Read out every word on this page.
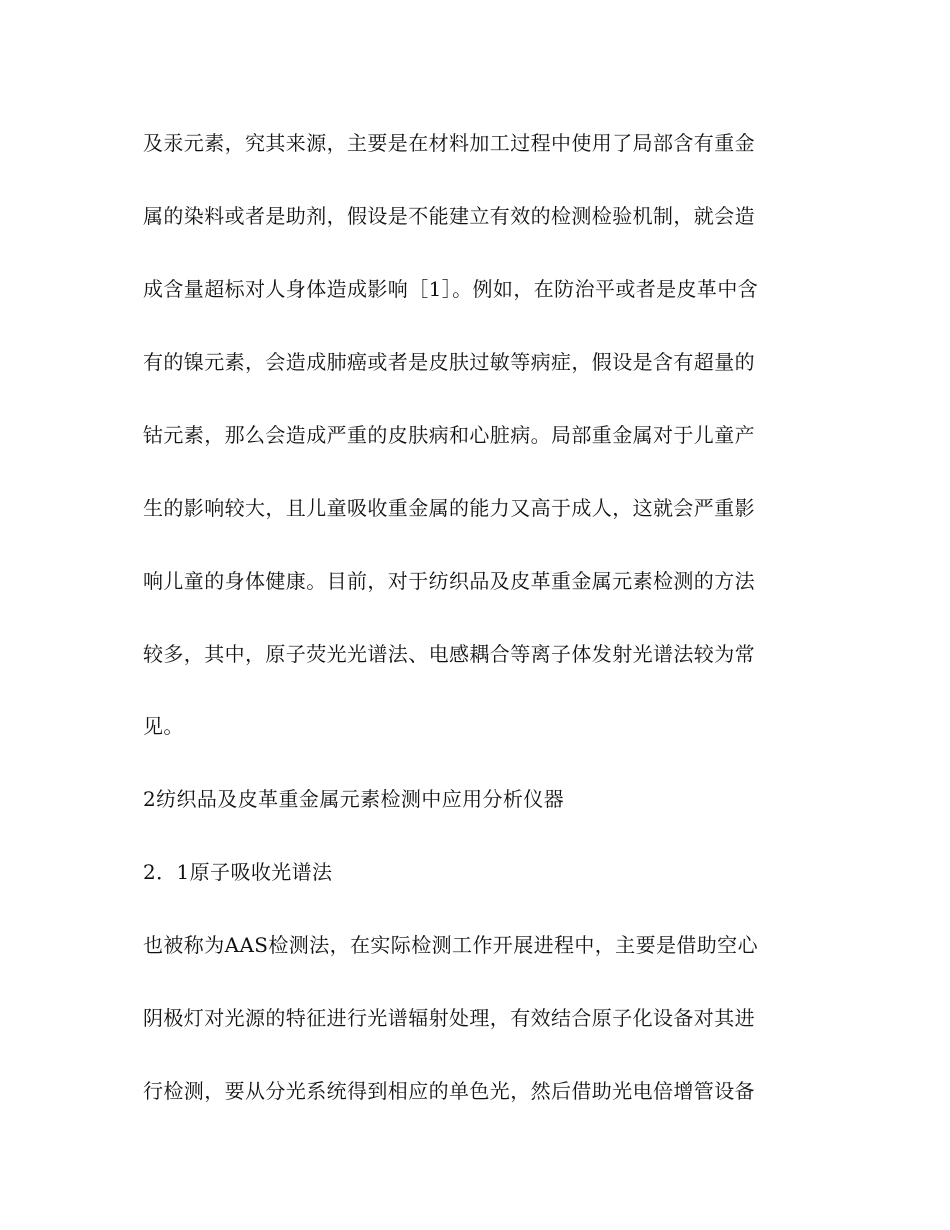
及汞元素，究其来源，主要是在材料加工过程中使用了局部含有重金
属的染料或者是助剂，假设是不能建立有效的检测检验机制，就会造
成含量超标对人身体造成影响［1］。例如，在防治平或者是皮革中含
有的镍元素，会造成肺癌或者是皮肤过敏等病症，假设是含有超量的
钴元素，那么会造成严重的皮肤病和心脏病。局部重金属对于儿童产
生的影响较大，且儿童吸收重金属的能力又高于成人，这就会严重影
响儿童的身体健康。目前，对于纺织品及皮革重金属元素检测的方法
较多，其中，原子荧光光谱法、电感耦合等离子体发射光谱法较为常
见。
2纺织品及皮革重金属元素检测中应用分析仪器
2．1原子吸收光谱法
也被称为AAS检测法，在实际检测工作开展进程中，主要是借助空心
阴极灯对光源的特征进行光谱辐射处理，有效结合原子化设备对其进
行检测，要从分光系统得到相应的单色光，然后借助光电倍增管设备
